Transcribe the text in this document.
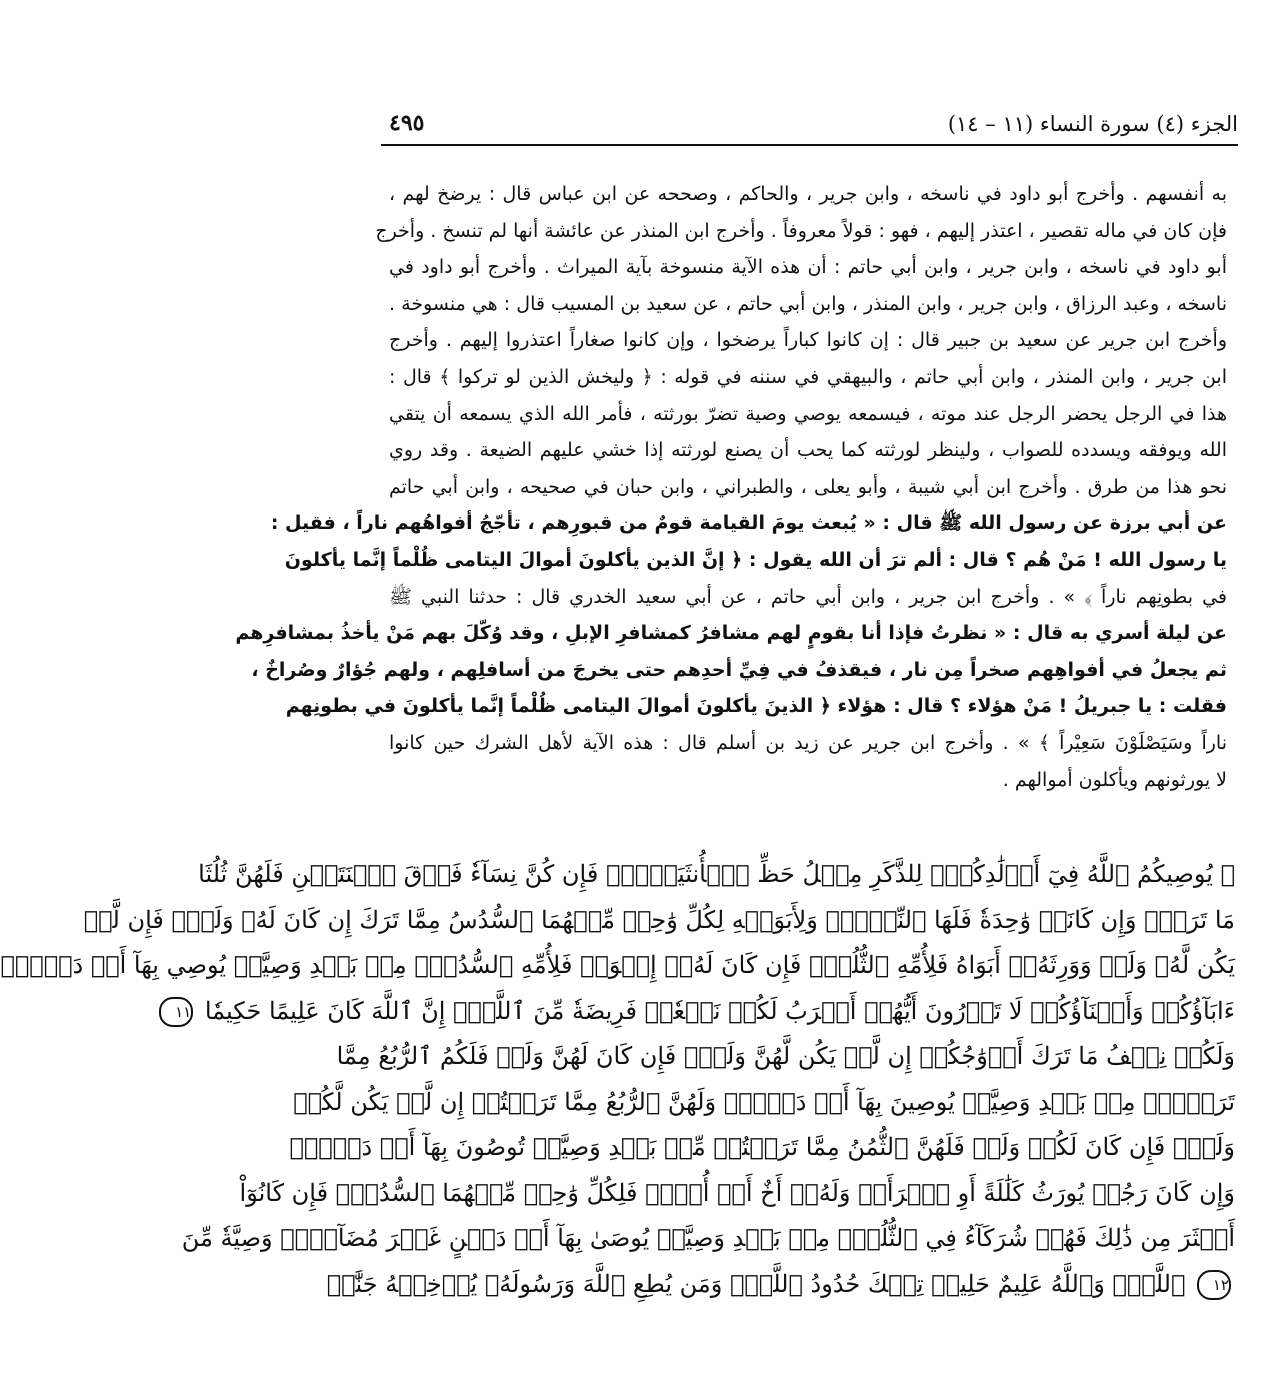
الجزء (٤) سورة النساء (١١ – ١٤)
٤٩٥
به أنفسهم . وأخرج أبو داود في ناسخه ، وابن جرير ، والحاكم ، وصححه عن ابن عباس قال : يرضخ لهم ،
فإن كان في ماله تقصير ، اعتذر إليهم ، فهو : قولاً معروفاً . وأخرج ابن المنذر عن عائشة أنها لم تنسخ . وأخرج
أبو داود في ناسخه ، وابن جرير ، وابن أبي حاتم : أن هذه الآية منسوخة بآية الميراث . وأخرج أبو داود في
ناسخه ، وعبد الرزاق ، وابن جرير ، وابن المنذر ، وابن أبي حاتم ، عن سعيد بن المسيب قال : هي منسوخة .
وأخرج ابن جرير عن سعيد بن جبير قال : إن كانوا كباراً يرضخوا ، وإن كانوا صغاراً اعتذروا إليهم . وأخرج
ابن جرير ، وابن المنذر ، وابن أبي حاتم ، والبيهقي في سننه في قوله : ﴿ وليخش الذين لو تركوا ﴾ قال :
هذا في الرجل يحضر الرجل عند موته ، فيسمعه يوصي وصية تضرّ بورثته ، فأمر الله الذي يسمعه أن يتقي
الله ويوفقه ويسدده للصواب ، ولينظر لورثته كما يحب أن يصنع لورثته إذا خشي عليهم الضيعة . وقد روي
نحو هذا من طرق . وأخرج ابن أبي شيبة ، وأبو يعلى ، والطبراني ، وابن حبان في صحيحه ، وابن أبي حاتم
عن أبي برزة عن رسول الله ﷺ قال : « يُبعث يومَ القيامة قومٌ من قبورِهم ، تأجّجُ أفواهُهم ناراً ، فقيل :
يا رسول الله ! مَنْ هُم ؟ قال : ألم ترَ أن الله يقول : ﴿ إنَّ الذين يأكلونَ أموالَ اليتامى ظُلْماً إنَّما يأكلونَ
في بطونِهم ناراً ﴾ » . وأخرج ابن جرير ، وابن أبي حاتم ، عن أبي سعيد الخدري قال : حدثنا النبي ﷺ
عن ليلة أسري به قال : « نظرتُ فإذا أنا بقومٍ لهم مشافرُ كمشافرِ الإبلِ ، وقد وُكّلَ بهم مَنْ يأخذُ بمشافرِهم
ثم يجعلُ في أفواهِهم صخراً مِن نار ، فيقذفُ في فِيِّ أحدِهم حتى يخرجَ من أسافلِهم ، ولهم جُؤارٌ وصُراخٌ ،
فقلت : يا جبريلُ ! مَنْ هؤلاء ؟ قال : هؤلاء ﴿ الذينَ يأكلونَ أموالَ اليتامى ظُلْماً إنَّما يأكلونَ في بطونِهم
ناراً وسَيَصْلَوْنَ سَعِيْراً ﴾ » . وأخرج ابن جرير عن زيد بن أسلم قال : هذه الآية لأهل الشرك حين كانوا
لا يورثونهم ويأكلون أموالهم .
﴿ يُوصِيكُمُ ٱللَّهُ فِيٓ أَوۡلَٰدِكُمۡۖ لِلذَّكَرِ مِثۡلُ حَظِّ ٱلۡأُنثَيَيۡنِۚ فَإِن كُنَّ نِسَآءٗ فَوۡقَ ٱثۡنَتَيۡنِ فَلَهُنَّ ثُلُثَا
مَا تَرَكَۖ وَإِن كَانَتۡ وَٰحِدَةٗ فَلَهَا ٱلنِّصۡفُۚ وَلِأَبَوَيۡهِ لِكُلِّ وَٰحِدٖ مِّنۡهُمَا ٱلسُّدُسُ مِمَّا تَرَكَ إِن كَانَ لَهُۥ وَلَدٞۚ فَإِن لَّمۡ
يَكُن لَّهُۥ وَلَدٞ وَوَرِثَهُۥٓ أَبَوَاهُ فَلِأُمِّهِ ٱلثُّلُثُۚ فَإِن كَانَ لَهُۥٓ إِخۡوَةٞ فَلِأُمِّهِ ٱلسُّدُسُۚ مِنۢ بَعۡدِ وَصِيَّةٖ يُوصِي بِهَآ أَوۡ دَيۡنٍۗ
ءَابَآؤُكُمۡ وَأَبۡنَآؤُكُمۡ لَا تَدۡرُونَ أَيُّهُمۡ أَقۡرَبُ لَكُمۡ نَفۡعٗاۚ فَرِيضَةٗ مِّنَ ٱللَّهِۗ إِنَّ ٱللَّهَ كَانَ عَلِيمًا حَكِيمٗا ١١
وَلَكُمۡ نِصۡفُ مَا تَرَكَ أَزۡوَٰجُكُمۡ إِن لَّمۡ يَكُن لَّهُنَّ وَلَدٞۚ فَإِن كَانَ لَهُنَّ وَلَدٞ فَلَكُمُ ٱلرُّبُعُ مِمَّا
تَرَكۡنَۚ مِنۢ بَعۡدِ وَصِيَّةٖ يُوصِينَ بِهَآ أَوۡ دَيۡنٖۚ وَلَهُنَّ ٱلرُّبُعُ مِمَّا تَرَكۡتُمۡ إِن لَّمۡ يَكُن لَّكُمۡ
وَلَدٞۚ فَإِن كَانَ لَكُمۡ وَلَدٞ فَلَهُنَّ ٱلثُّمُنُ مِمَّا تَرَكۡتُمۚ مِّنۢ بَعۡدِ وَصِيَّةٖ تُوصُونَ بِهَآ أَوۡ دَيۡنٖۗ
وَإِن كَانَ رَجُلٞ يُورَثُ كَلَٰلَةً أَوِ ٱمۡرَأَةٞ وَلَهُۥٓ أَخٌ أَوۡ أُخۡتٞ فَلِكُلِّ وَٰحِدٖ مِّنۡهُمَا ٱلسُّدُسُۚ فَإِن كَانُوٓاْ
أَكۡثَرَ مِن ذَٰلِكَ فَهُمۡ شُرَكَآءُ فِي ٱلثُّلُثِۚ مِنۢ بَعۡدِ وَصِيَّةٖ يُوصَىٰ بِهَآ أَوۡ دَيۡنٍ غَيۡرَ مُضَآرّٖۚ وَصِيَّةٗ مِّنَ
١٢ ٱللَّهِۗ وَٱللَّهُ عَلِيمٌ حَلِيمٞ تِلۡكَ حُدُودُ ٱللَّهِۚ وَمَن يُطِعِ ٱللَّهَ وَرَسُولَهُۥ يُدۡخِلۡهُ جَنَّٰتٖ
